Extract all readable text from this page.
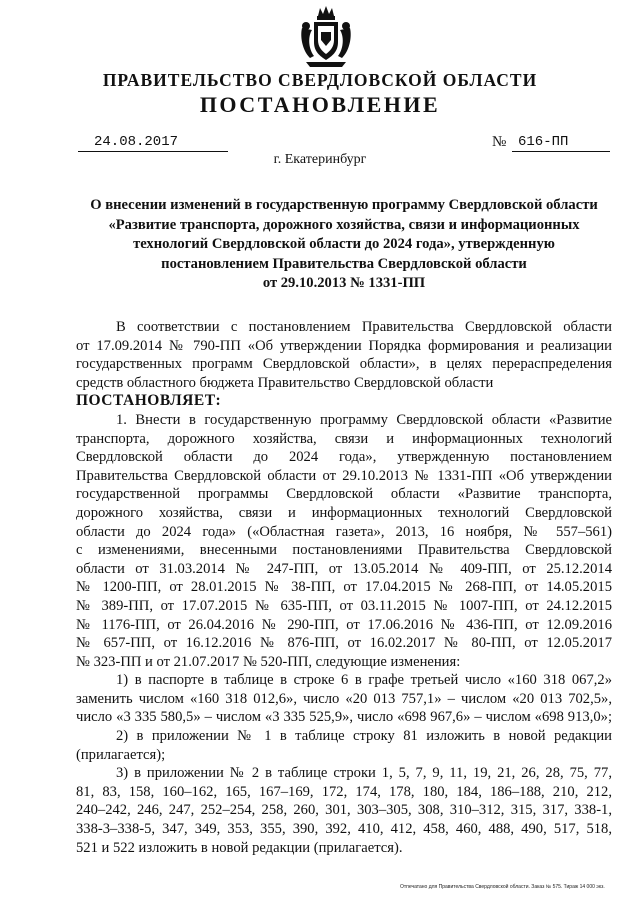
ПРАВИТЕЛЬСТВО СВЕРДЛОВСКОЙ ОБЛАСТИ
ПОСТАНОВЛЕНИЕ
24.08.2017	№ 616-ПП
г. Екатеринбург
О внесении изменений в государственную программу Свердловской области
«Развитие транспорта, дорожного хозяйства, связи и информационных
технологий Свердловской области до 2024 года», утвержденную
постановлением Правительства Свердловской области
от 29.10.2013 № 1331-ПП
В соответствии с постановлением Правительства Свердловской области
от 17.09.2014 № 790-ПП «Об утверждении Порядка формирования и реализации
государственных программ Свердловской области», в целях перераспределения
средств областного бюджета Правительство Свердловской области
ПОСТАНОВЛЯЕТ:
1. Внести в государственную программу Свердловской области «Развитие
транспорта, дорожного хозяйства, связи и информационных технологий
Свердловской области до 2024 года», утвержденную постановлением
Правительства Свердловской области от 29.10.2013 № 1331-ПП «Об утверждении
государственной программы Свердловской области «Развитие транспорта,
дорожного хозяйства, связи и информационных технологий Свердловской
области до 2024 года» («Областная газета», 2013, 16 ноября, № 557–561)
с изменениями, внесенными постановлениями Правительства Свердловской
области от 31.03.2014 № 247-ПП, от 13.05.2014 № 409-ПП, от 25.12.2014
№ 1200-ПП, от 28.01.2015 № 38-ПП, от 17.04.2015 № 268-ПП, от 14.05.2015
№ 389-ПП, от 17.07.2015 № 635-ПП, от 03.11.2015 № 1007-ПП, от 24.12.2015
№ 1176-ПП, от 26.04.2016 № 290-ПП, от 17.06.2016 № 436-ПП, от 12.09.2016
№ 657-ПП, от 16.12.2016 № 876-ПП, от 16.02.2017 № 80-ПП, от 12.05.2017
№ 323-ПП и от 21.07.2017 № 520-ПП, следующие изменения:
1) в паспорте в таблице в строке 6 в графе третьей число «160 318 067,2»
заменить числом «160 318 012,6», число «20 013 757,1» – числом «20 013 702,5»,
число «3 335 580,5» – числом «3 335 525,9», число «698 967,6» – числом «698 913,0»;
2) в приложении № 1 в таблице строку 81 изложить в новой редакции
(прилагается);
3) в приложении № 2 в таблице строки 1, 5, 7, 9, 11, 19, 21, 26, 28, 75, 77,
81, 83, 158, 160–162, 165, 167–169, 172, 174, 178, 180, 184, 186–188, 210, 212,
240–242, 246, 247, 252–254, 258, 260, 301, 303–305, 308, 310–312, 315, 317, 338-1,
338-3–338-5, 347, 349, 353, 355, 390, 392, 410, 412, 458, 460, 488, 490, 517, 518,
521 и 522 изложить в новой редакции (прилагается).
Отпечатано для Правительства Свердловской области. Заказ № 575. Тираж 14 000 экз.
